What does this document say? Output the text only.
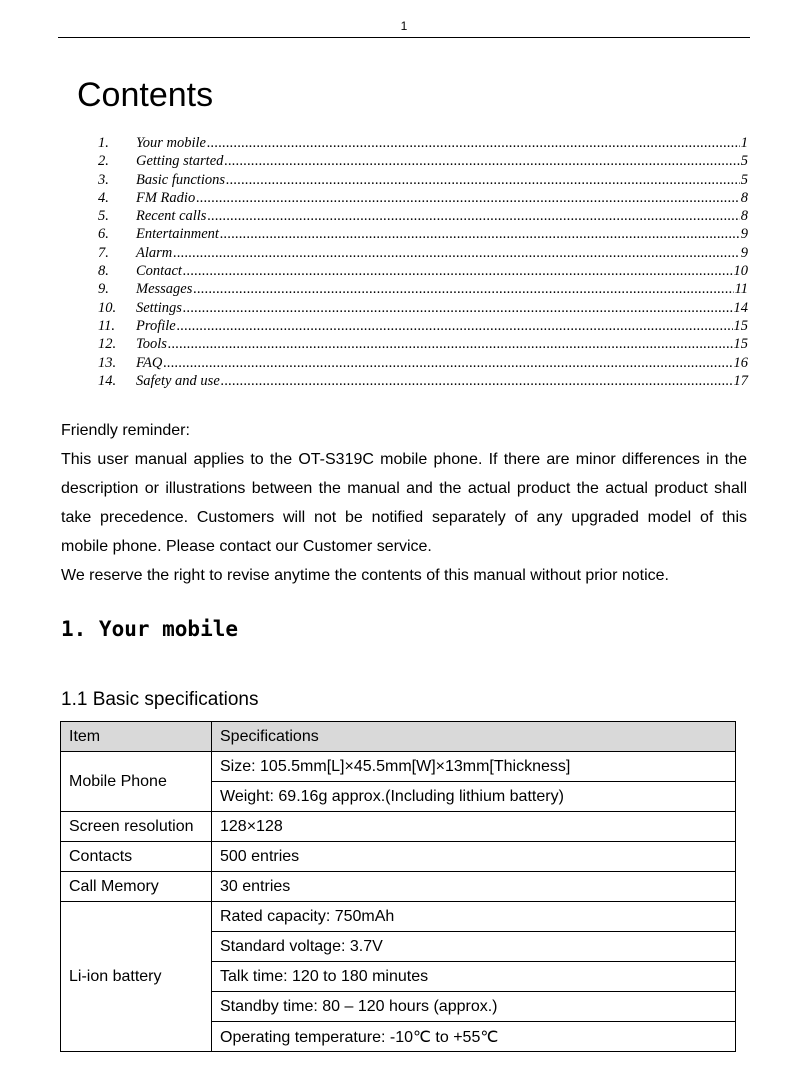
1
Contents
1.	Your mobile .....	1
2.	Getting started .....	5
3.	Basic functions .....	5
4.	FM Radio .....	8
5.	Recent calls .....	8
6.	Entertainment .....	9
7.	Alarm .....	9
8.	Contact .....	10
9.	Messages .....	11
10.	Settings .....	14
11.	Profile .....	15
12.	Tools .....	15
13.	FAQ .....	16
14.	Safety and use .....	17

Friendly reminder:

This user manual applies to the OT-S319C mobile phone. If there are minor differences in the

description or illustrations between the manual and the actual product the actual product shall

take precedence. Customers will not be notified separately of any upgraded model of this

mobile phone. Please contact our Customer service.

We reserve the right to revise anytime the contents of this manual without prior notice.

1. Your mobile
1.1 Basic specifications
Item	Specifications
Mobile Phone	Size: 105.5mm[L]×45.5mm[W]×13mm[Thickness]
	Weight: 69.16g approx.(Including lithium battery)
Screen resolution	128×128
Contacts	500 entries
Call Memory	30 entries
Li-ion battery	Rated capacity: 750mAh
	Standard voltage: 3.7V
	Talk time: 120 to 180 minutes
	Standby time: 80 – 120 hours (approx.)
	Operating temperature: -10℃ to +55℃
